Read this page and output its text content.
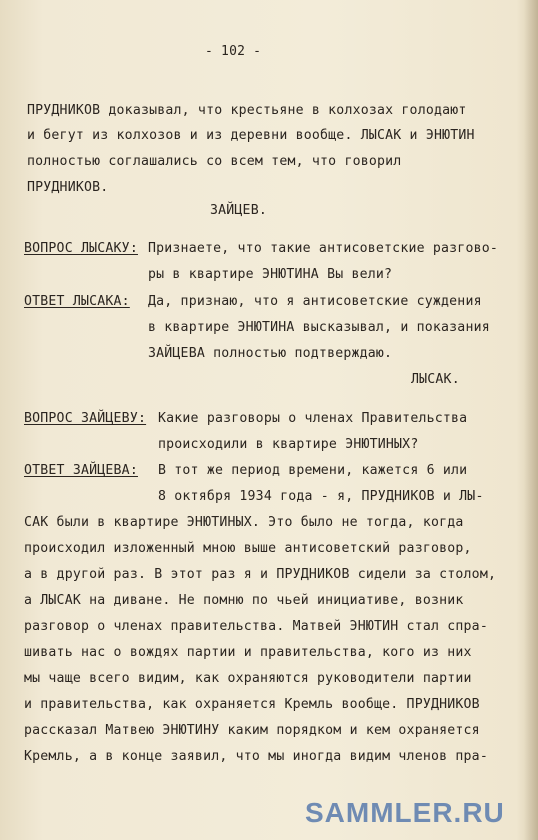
- 102 -
ПРУДНИКОВ доказывал, что крестьяне в колхозах голодают
и бегут из колхозов и из деревни вообще. ЛЫСАК и ЭНЮТИН
полностью соглашались со всем тем, что говорил
ПРУДНИКОВ.
ЗАЙЦЕВ.
ВОПРОС ЛЫСАКУ: Признаете, что такие антисоветские разгово-
ры в квартире ЭНЮТИНА Вы вели?
ОТВЕТ ЛЫСАКА: Да, признаю, что я антисоветские суждения
в квартире ЭНЮТИНА высказывал, и показания
ЗАЙЦЕВА полностью подтверждаю.
ЛЫСАК.
ВОПРОС ЗАЙЦЕВУ: Какие разговоры о членах Правительства
происходили в квартире ЭНЮТИНЫХ?
ОТВЕТ ЗАЙЦЕВА: В тот же период времени, кажется 6 или
8 октября 1934 года - я, ПРУДНИКОВ и ЛЫ-
САК были в квартире ЭНЮТИНЫХ. Это было не тогда, когда
происходил изложенный мною выше антисоветский разговор,
а в другой раз. В этот раз я и ПРУДНИКОВ сидели за столом,
а ЛЫСАК на диване. Не помню по чьей инициативе, возник
разговор о членах правительства. Матвей ЭНЮТИН стал спра-
шивать нас о вождях партии и правительства, кого из них
мы чаще всего видим, как охраняются руководители партии
и правительства, как охраняется Кремль вообще. ПРУДНИКОВ
рассказал Матвею ЭНЮТИНУ каким порядком и кем охраняется
Кремль, а в конце заявил, что мы иногда видим членов пра-
SAMMLER.RU
